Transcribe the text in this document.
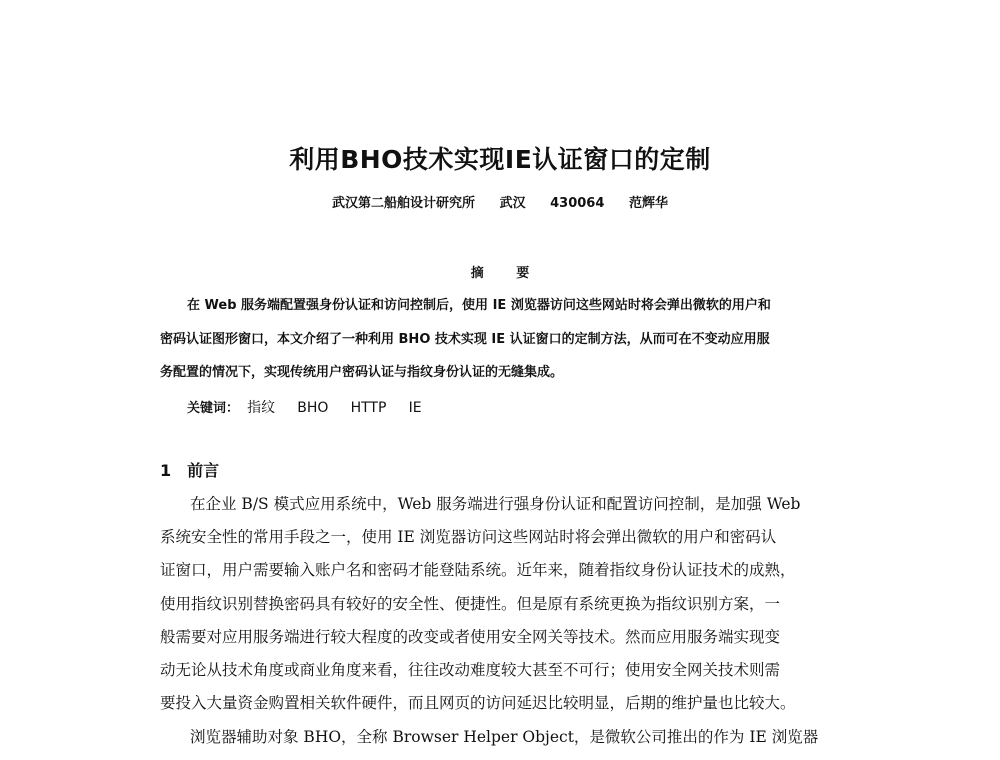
利用BHO技术实现IE认证窗口的定制
武汉第二船舶设计研究所 武汉 430064 范辉华
摘 要
在 Web 服务端配置强身份认证和访问控制后，使用 IE 浏览器访问这些网站时将会弹出微软的用户和
密码认证图形窗口，本文介绍了一种利用 BHO 技术实现 IE 认证窗口的定制方法，从而可在不变动应用服
务配置的情况下，实现传统用户密码认证与指纹身份认证的无缝集成。
关键词： 指纹 BHO HTTP IE
1 前言
在企业 B/S 模式应用系统中，Web 服务端进行强身份认证和配置访问控制，是加强 Web
系统安全性的常用手段之一，使用 IE 浏览器访问这些网站时将会弹出微软的用户和密码认
证窗口，用户需要输入账户名和密码才能登陆系统。近年来，随着指纹身份认证技术的成熟，
使用指纹识别替换密码具有较好的安全性、便捷性。但是原有系统更换为指纹识别方案，一
般需要对应用服务端进行较大程度的改变或者使用安全网关等技术。然而应用服务端实现变
动无论从技术角度或商业角度来看，往往改动难度较大甚至不可行；使用安全网关技术则需
要投入大量资金购置相关软件硬件，而且网页的访问延迟比较明显，后期的维护量也比较大。
浏览器辅助对象 BHO，全称 Browser Helper Object，是微软公司推出的作为 IE 浏览器
